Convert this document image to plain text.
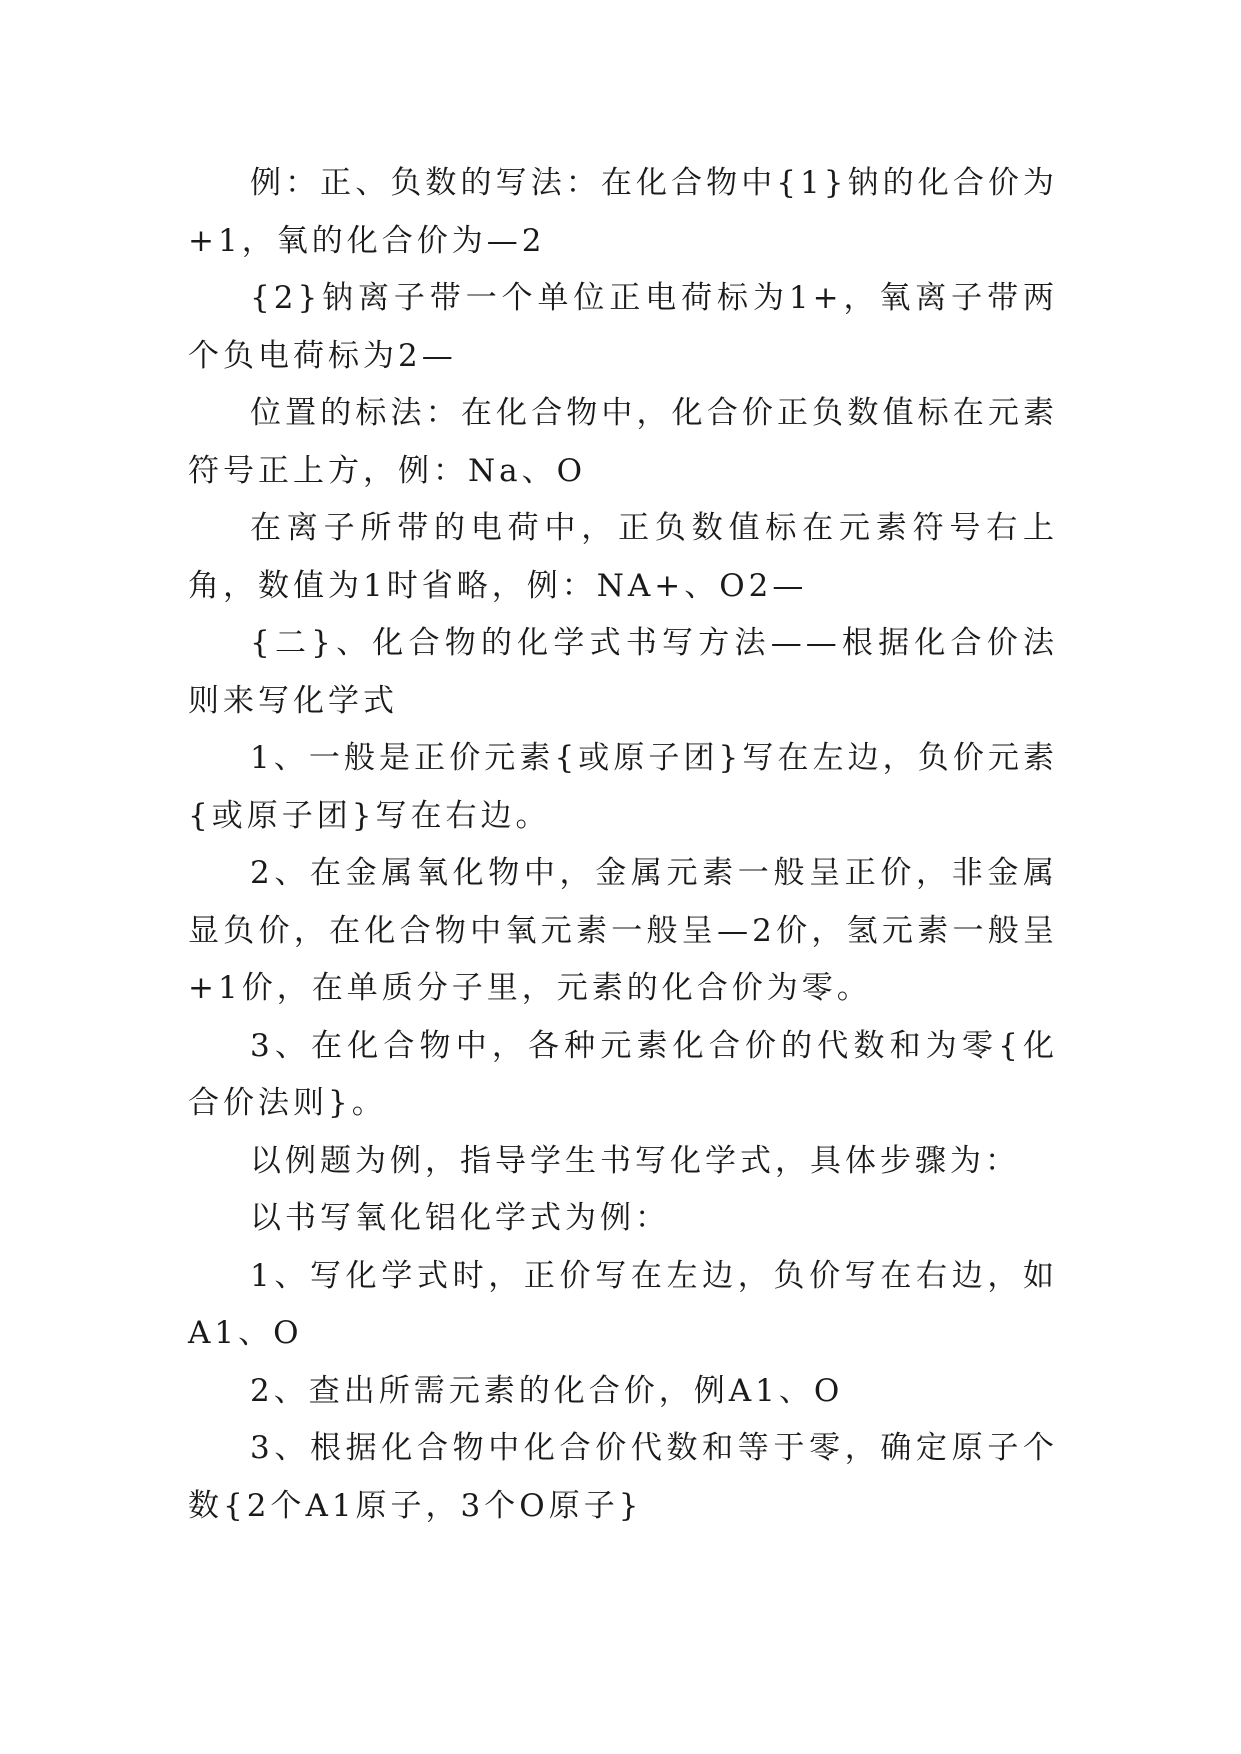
例：正、负数的写法：在化合物中{1}钠的化合价为+1，氧的化合价为—2

{2}钠离子带一个单位正电荷标为1+，氧离子带两个负电荷标为2—

位置的标法：在化合物中，化合价正负数值标在元素符号正上方，例：Na、O

在离子所带的电荷中，正负数值标在元素符号右上角，数值为1时省略，例：NA+、O2—

{二}、化合物的化学式书写方法——根据化合价法则来写化学式

1、一般是正价元素{或原子团}写在左边，负价元素{或原子团}写在右边。

2、在金属氧化物中，金属元素一般呈正价，非金属显负价，在化合物中氧元素一般呈—2价，氢元素一般呈+1价，在单质分子里，元素的化合价为零。

3、在化合物中，各种元素化合价的代数和为零{化合价法则}。

以例题为例，指导学生书写化学式，具体步骤为：

以书写氧化铝化学式为例：

1、写化学式时，正价写在左边，负价写在右边，如A1、O

2、查出所需元素的化合价，例A1、O

3、根据化合物中化合价代数和等于零，确定原子个数{2个A1原子，3个O原子}
